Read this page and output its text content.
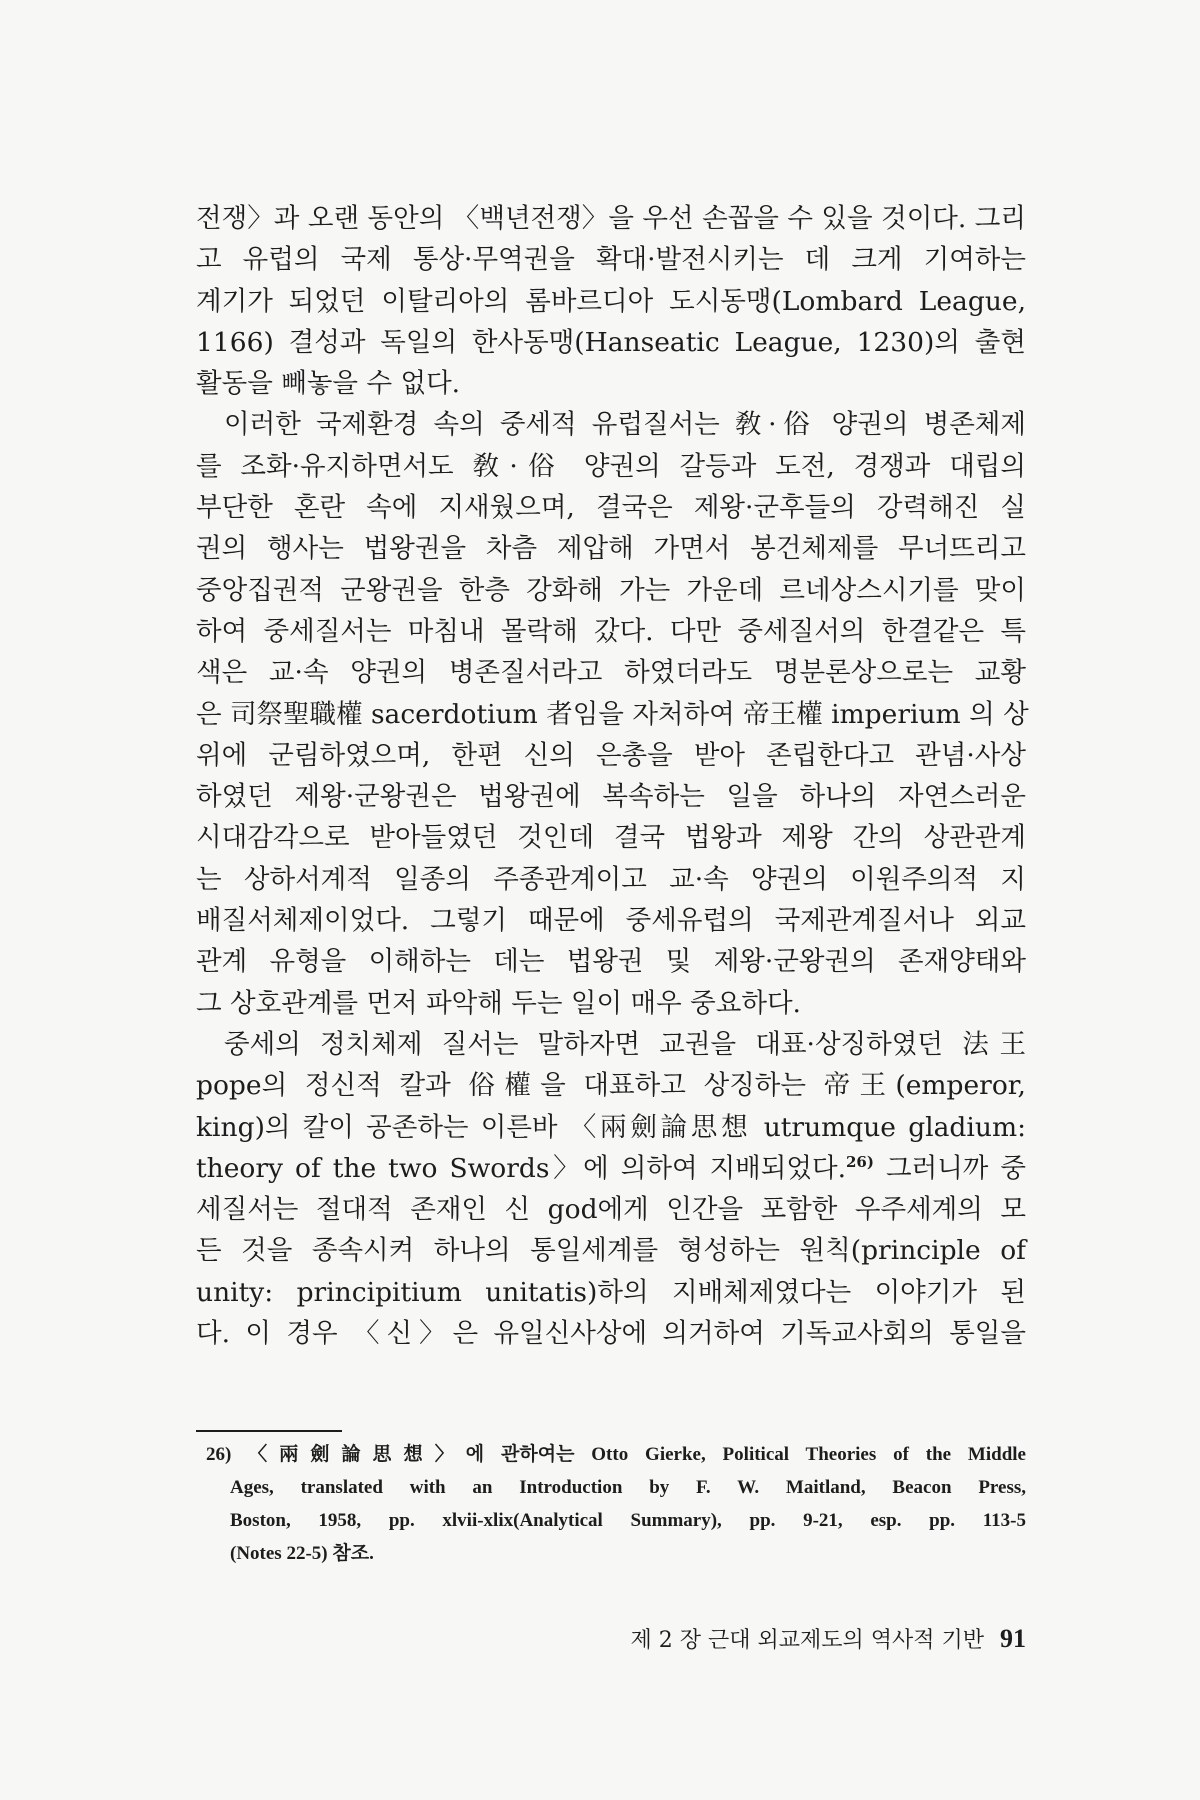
전쟁〉과 오랜 동안의 〈백년전쟁〉을 우선 손꼽을 수 있을 것이다. 그리
고 유럽의 국제 통상·무역권을 확대·발전시키는 데 크게 기여하는
계기가 되었던 이탈리아의 롬바르디아 도시동맹(Lombard League,
1166) 결성과 독일의 한사동맹(Hanseatic League, 1230)의 출현
활동을 빼놓을 수 없다.
이러한 국제환경 속의 중세적 유럽질서는 敎·俗 양권의 병존체제
를 조화·유지하면서도 敎·俗 양권의 갈등과 도전, 경쟁과 대립의
부단한 혼란 속에 지새웠으며, 결국은 제왕·군후들의 강력해진 실
권의 행사는 법왕권을 차츰 제압해 가면서 봉건체제를 무너뜨리고
중앙집권적 군왕권을 한층 강화해 가는 가운데 르네상스시기를 맞이
하여 중세질서는 마침내 몰락해 갔다. 다만 중세질서의 한결같은 특
색은 교·속 양권의 병존질서라고 하였더라도 명분론상으로는 교황
은 司祭聖職權 sacerdotium 者임을 자처하여 帝王權 imperium 의 상
위에 군림하였으며, 한편 신의 은총을 받아 존립한다고 관념·사상
하였던 제왕·군왕권은 법왕권에 복속하는 일을 하나의 자연스러운
시대감각으로 받아들였던 것인데 결국 법왕과 제왕 간의 상관관계
는 상하서계적 일종의 주종관계이고 교·속 양권의 이원주의적 지
배질서체제이었다. 그렇기 때문에 중세유럽의 국제관계질서나 외교
관계 유형을 이해하는 데는 법왕권 및 제왕·군왕권의 존재양태와
그 상호관계를 먼저 파악해 두는 일이 매우 중요하다.
중세의 정치체제 질서는 말하자면 교권을 대표·상징하였던 法王
pope의 정신적 칼과 俗權을 대표하고 상징하는 帝王(emperor,
king)의 칼이 공존하는 이른바 〈兩劍論思想 utrumque gladium:
theory of the two Swords〉에 의하여 지배되었다.$^{26)}$ 그러니까 중
세질서는 절대적 존재인 신 god에게 인간을 포함한 우주세계의 모
든 것을 종속시켜 하나의 통일세계를 형성하는 원칙(principle of
unity: principitium unitatis)하의 지배체제였다는 이야기가 된
다. 이 경우 〈신〉은 유일신사상에 의거하여 기독교사회의 통일을
26) 〈兩劍論思想〉에 관하여는 Otto Gierke, Political Theories of the Middle
Ages, translated with an Introduction by F. W. Maitland, Beacon Press,
Boston, 1958, pp. xlvii-xlix(Analytical Summary), pp. 9-21, esp. pp. 113-5
(Notes 22-5) 참조.
제 2 장 근대 외교제도의 역사적 기반 91
